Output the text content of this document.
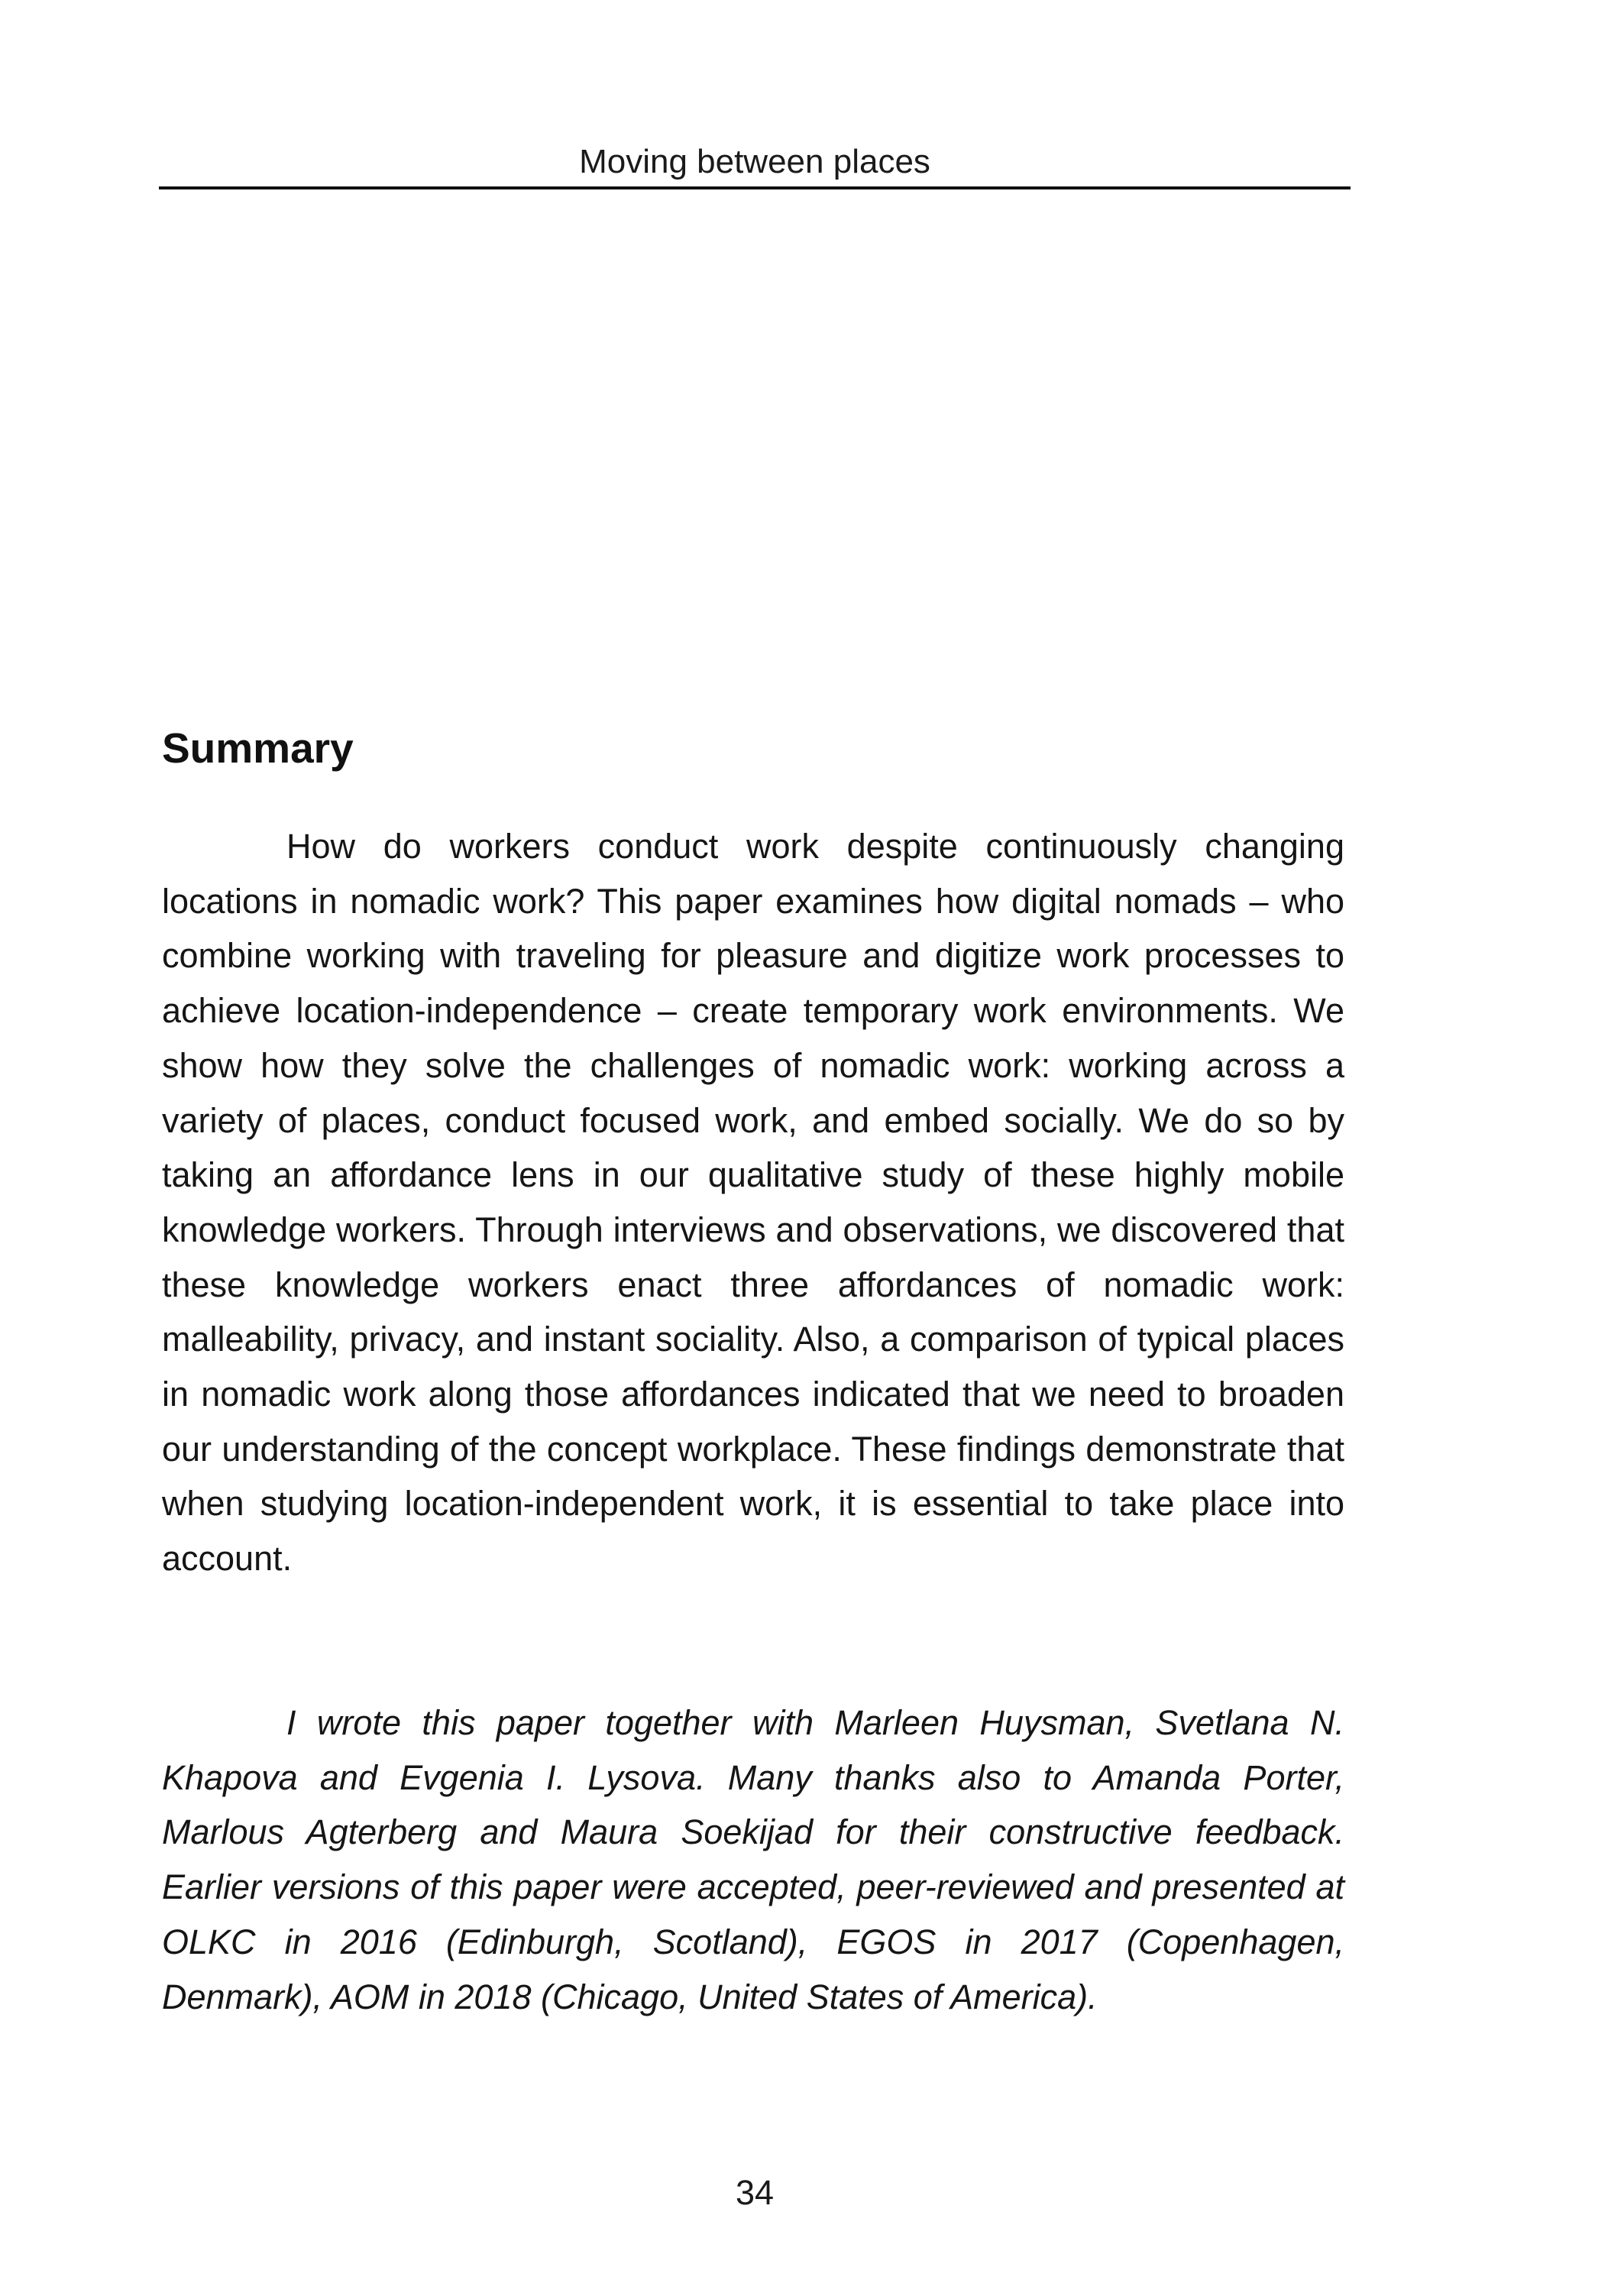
Moving between places
Summary

How do workers conduct work despite continuously changing locations in nomadic work? This paper examines how digital nomads – who combine working with traveling for pleasure and digitize work processes to achieve location-independence – create temporary work environments. We show how they solve the challenges of nomadic work: working across a variety of places, conduct focused work, and embed socially. We do so by taking an affordance lens in our qualitative study of these highly mobile knowledge workers. Through interviews and observations, we discovered that these knowledge workers enact three affordances of nomadic work: malleability, privacy, and instant sociality. Also, a comparison of typical places in nomadic work along those affordances indicated that we need to broaden our understanding of the concept workplace. These findings demonstrate that when studying location-independent work, it is essential to take place into account.

I wrote this paper together with Marleen Huysman, Svetlana N. Khapova and Evgenia I. Lysova. Many thanks also to Amanda Porter, Marlous Agterberg and Maura Soekijad for their constructive feedback. Earlier versions of this paper were accepted, peer-reviewed and presented at OLKC in 2016 (Edinburgh, Scotland), EGOS in 2017 (Copenhagen, Denmark), AOM in 2018 (Chicago, United States of America).

34
